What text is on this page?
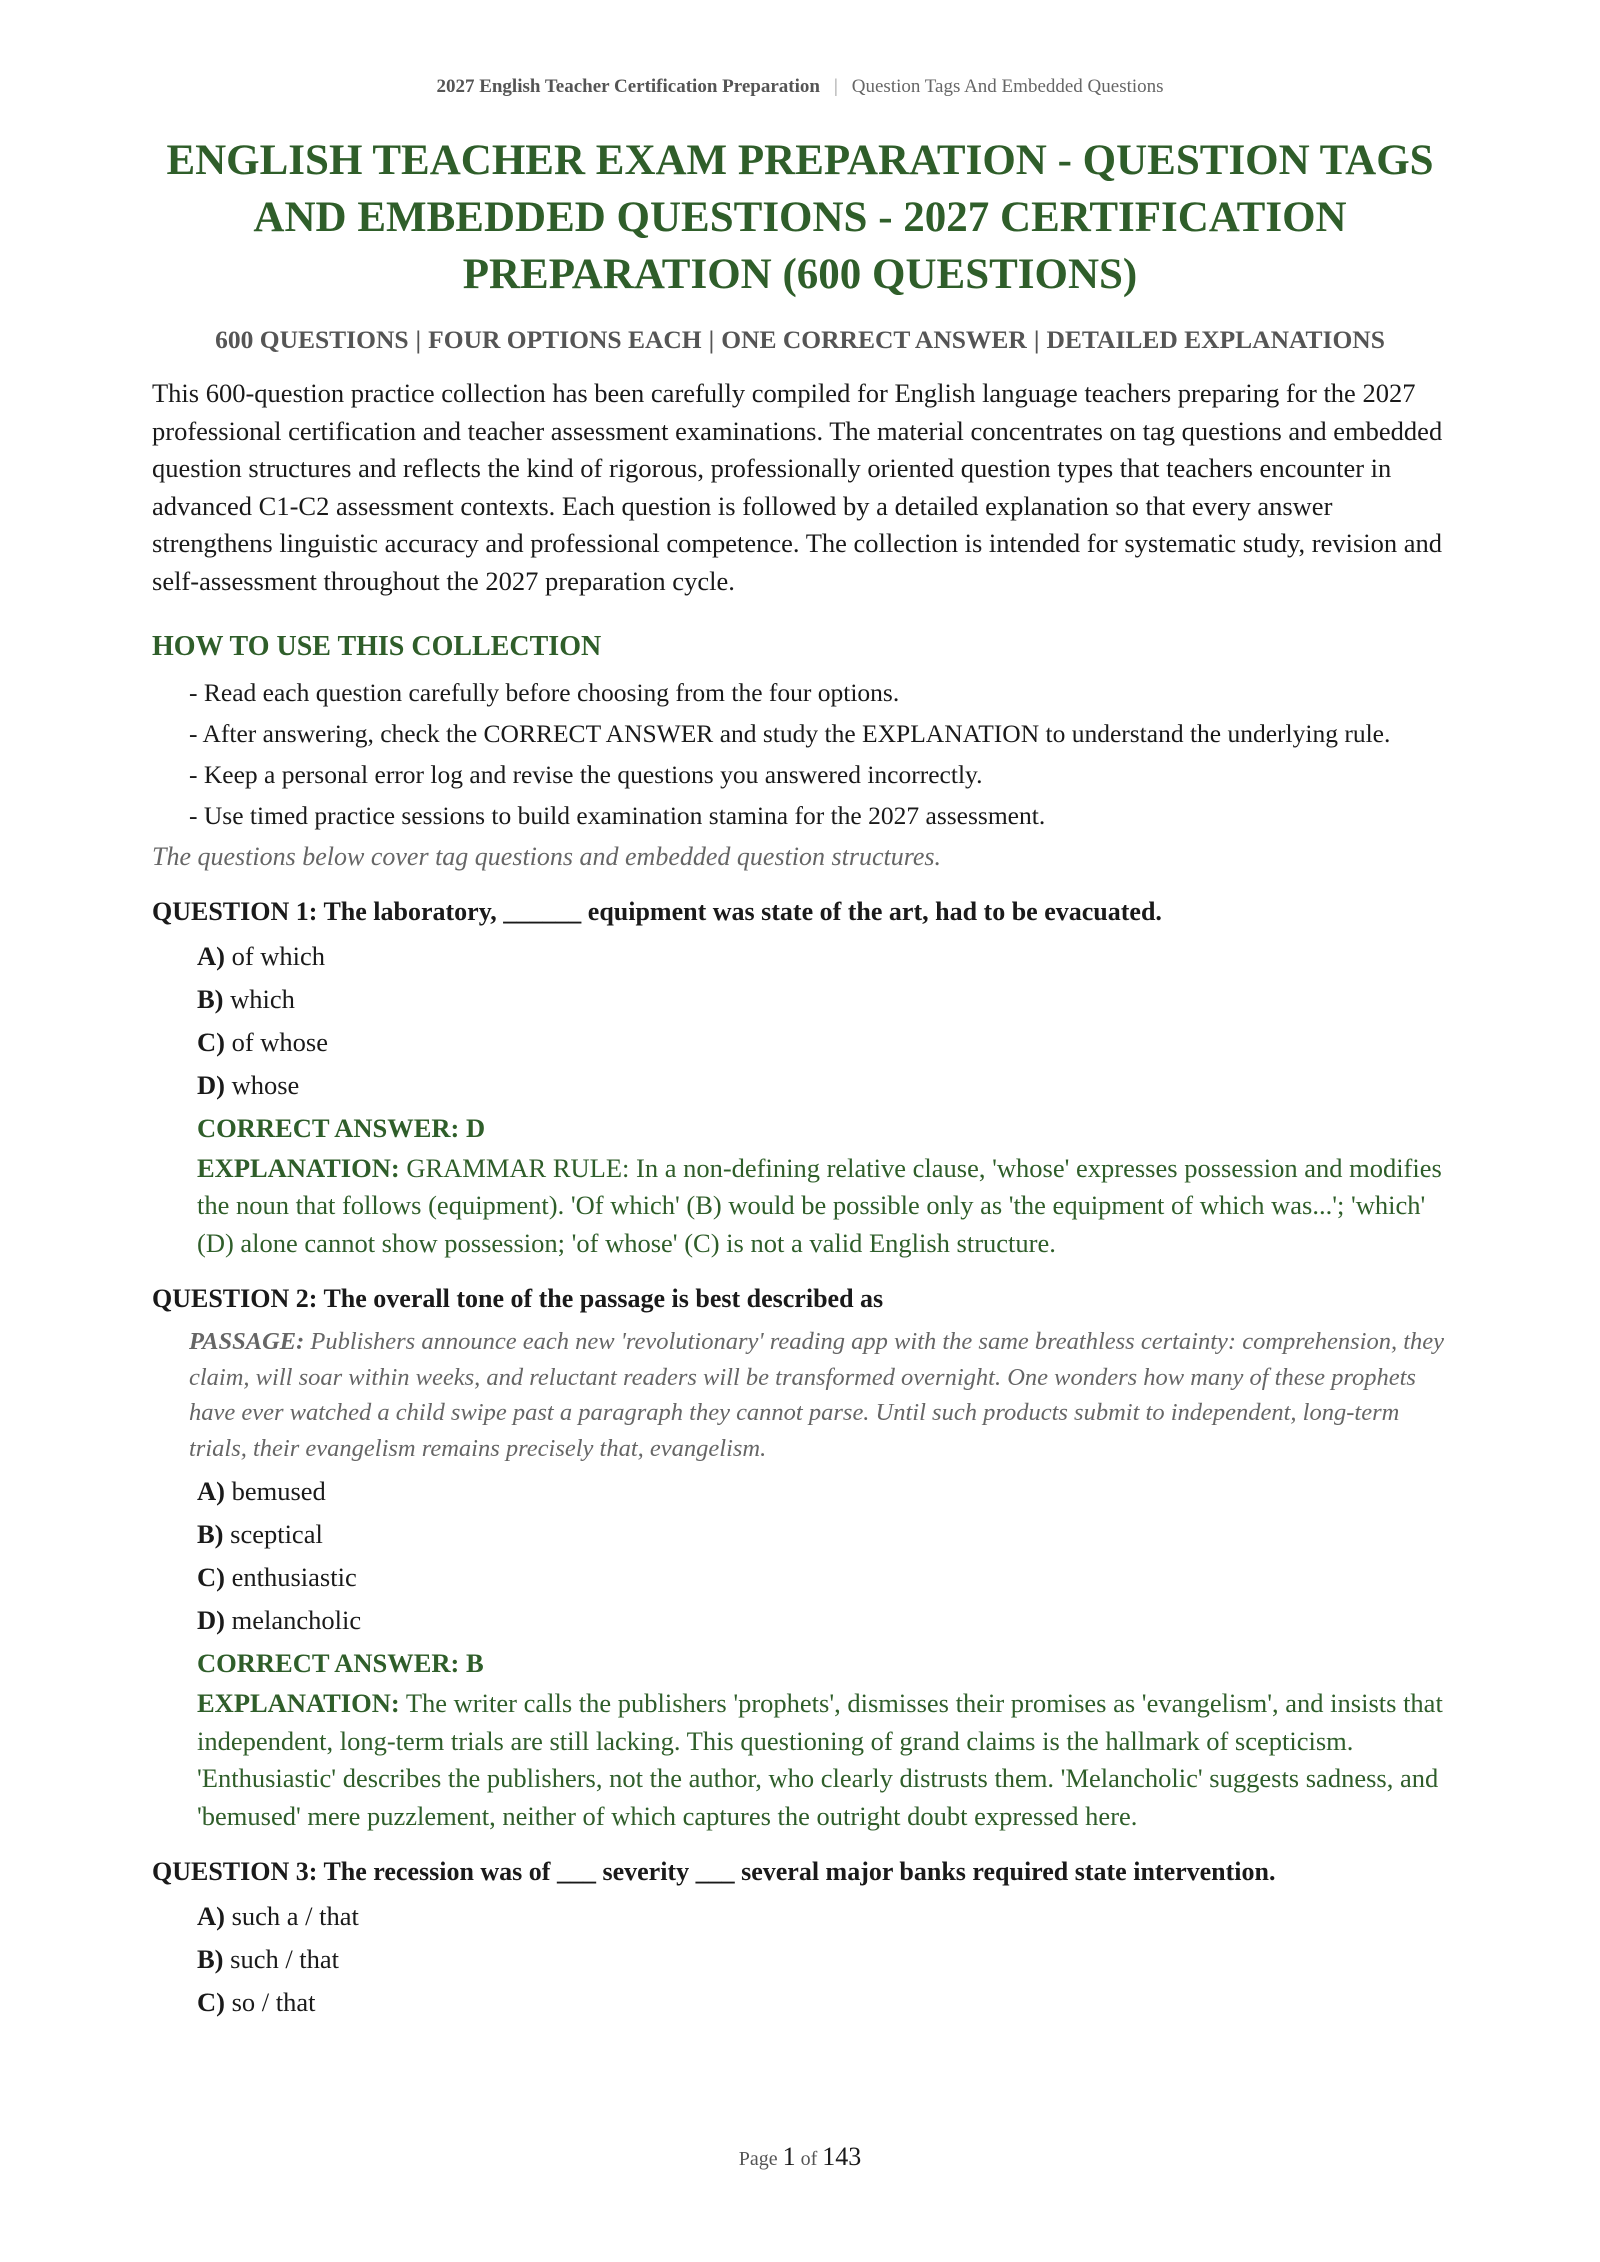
2027 English Teacher Certification Preparation | Question Tags And Embedded Questions
ENGLISH TEACHER EXAM PREPARATION - QUESTION TAGS AND EMBEDDED QUESTIONS - 2027 CERTIFICATION PREPARATION (600 QUESTIONS)
600 QUESTIONS | FOUR OPTIONS EACH | ONE CORRECT ANSWER | DETAILED EXPLANATIONS

This 600-question practice collection has been carefully compiled for English language teachers preparing for the 2027 professional certification and teacher assessment examinations. The material concentrates on tag questions and embedded question structures and reflects the kind of rigorous, professionally oriented question types that teachers encounter in advanced C1-C2 assessment contexts. Each question is followed by a detailed explanation so that every answer strengthens linguistic accuracy and professional competence. The collection is intended for systematic study, revision and self-assessment throughout the 2027 preparation cycle.

HOW TO USE THIS COLLECTION
- Read each question carefully before choosing from the four options.
- After answering, check the CORRECT ANSWER and study the EXPLANATION to understand the underlying rule.
- Keep a personal error log and revise the questions you answered incorrectly.
- Use timed practice sessions to build examination stamina for the 2027 assessment.
The questions below cover tag questions and embedded question structures.
QUESTION 1: The laboratory, ______ equipment was state of the art, had to be evacuated.
A) of which
B) which
C) of whose
D) whose
CORRECT ANSWER: D

EXPLANATION: GRAMMAR RULE: In a non-defining relative clause, 'whose' expresses possession and modifies the noun that follows (equipment). 'Of which' (B) would be possible only as 'the equipment of which was...'; 'which' (D) alone cannot show possession; 'of whose' (C) is not a valid English structure.

QUESTION 2: The overall tone of the passage is best described as

PASSAGE: Publishers announce each new 'revolutionary' reading app with the same breathless certainty: comprehension, they claim, will soar within weeks, and reluctant readers will be transformed overnight. One wonders how many of these prophets have ever watched a child swipe past a paragraph they cannot parse. Until such products submit to independent, long-term trials, their evangelism remains precisely that, evangelism.

A) bemused
B) sceptical
C) enthusiastic
D) melancholic
CORRECT ANSWER: B

EXPLANATION: The writer calls the publishers 'prophets', dismisses their promises as 'evangelism', and insists that independent, long-term trials are still lacking. This questioning of grand claims is the hallmark of scepticism. 'Enthusiastic' describes the publishers, not the author, who clearly distrusts them. 'Melancholic' suggests sadness, and 'bemused' mere puzzlement, neither of which captures the outright doubt expressed here.

QUESTION 3: The recession was of ___ severity ___ several major banks required state intervention.
A) such a / that
B) such / that
C) so / that
Page 1 of 143
